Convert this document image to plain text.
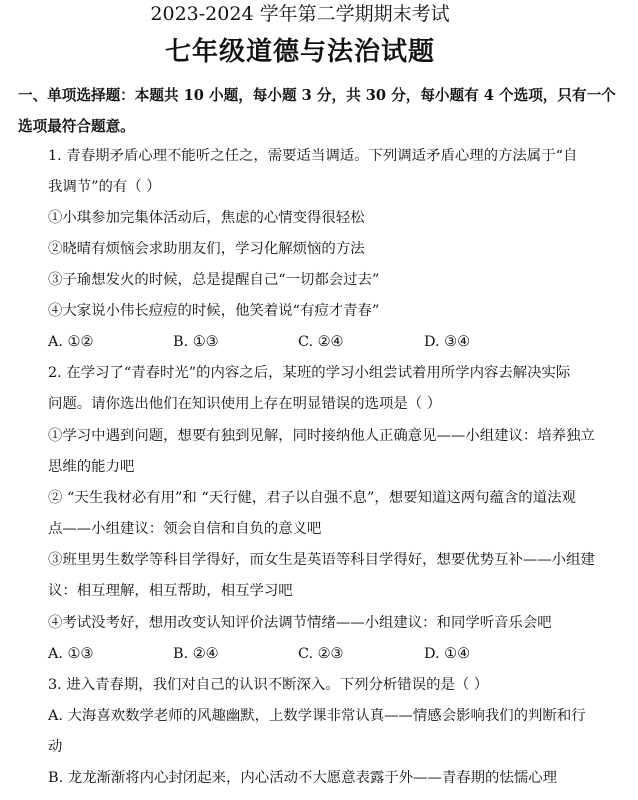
2023-2024 学年第二学期期末考试
七年级道德与法治试题
一、单项选择题：本题共 10 小题，每小题 3 分，共 30 分，每小题有 4 个选项，只有一个
选项最符合题意。
1. 青春期矛盾心理不能听之任之，需要适当调适。下列调适矛盾心理的方法属于“自
我调节”的有（ ）
①小琪参加完集体活动后，焦虑的心情变得很轻松
②晓晴有烦恼会求助朋友们，学习化解烦恼的方法
③子瑜想发火的时候，总是提醒自己“一切都会过去”
④大家说小伟长痘痘的时候，他笑着说“有痘才青春”
A. ①②	B. ①③	C. ②④	D. ③④
2. 在学习了“青春时光”的内容之后，某班的学习小组尝试着用所学内容去解决实际
问题。请你选出他们在知识使用上存在明显错误的选项是（ ）
①学习中遇到问题，想要有独到见解，同时接纳他人正确意见——小组建议：培养独立
思维的能力吧
② “天生我材必有用”和 “天行健，君子以自强不息”，想要知道这两句蕴含的道法观
点——小组建议：领会自信和自负的意义吧
③班里男生数学等科目学得好，而女生是英语等科目学得好，想要优势互补——小组建
议：相互理解，相互帮助，相互学习吧
④考试没考好，想用改变认知评价法调节情绪——小组建议：和同学听音乐会吧
A. ①③	B. ②④	C. ②③	D. ①④
3. 进入青春期，我们对自己的认识不断深入。下列分析错误的是（ ）
A. 大海喜欢数学老师的风趣幽默，上数学课非常认真——情感会影响我们的判断和行
动
B. 龙龙渐渐将内心封闭起来，内心活动不大愿意表露于外——青春期的怯懦心理
